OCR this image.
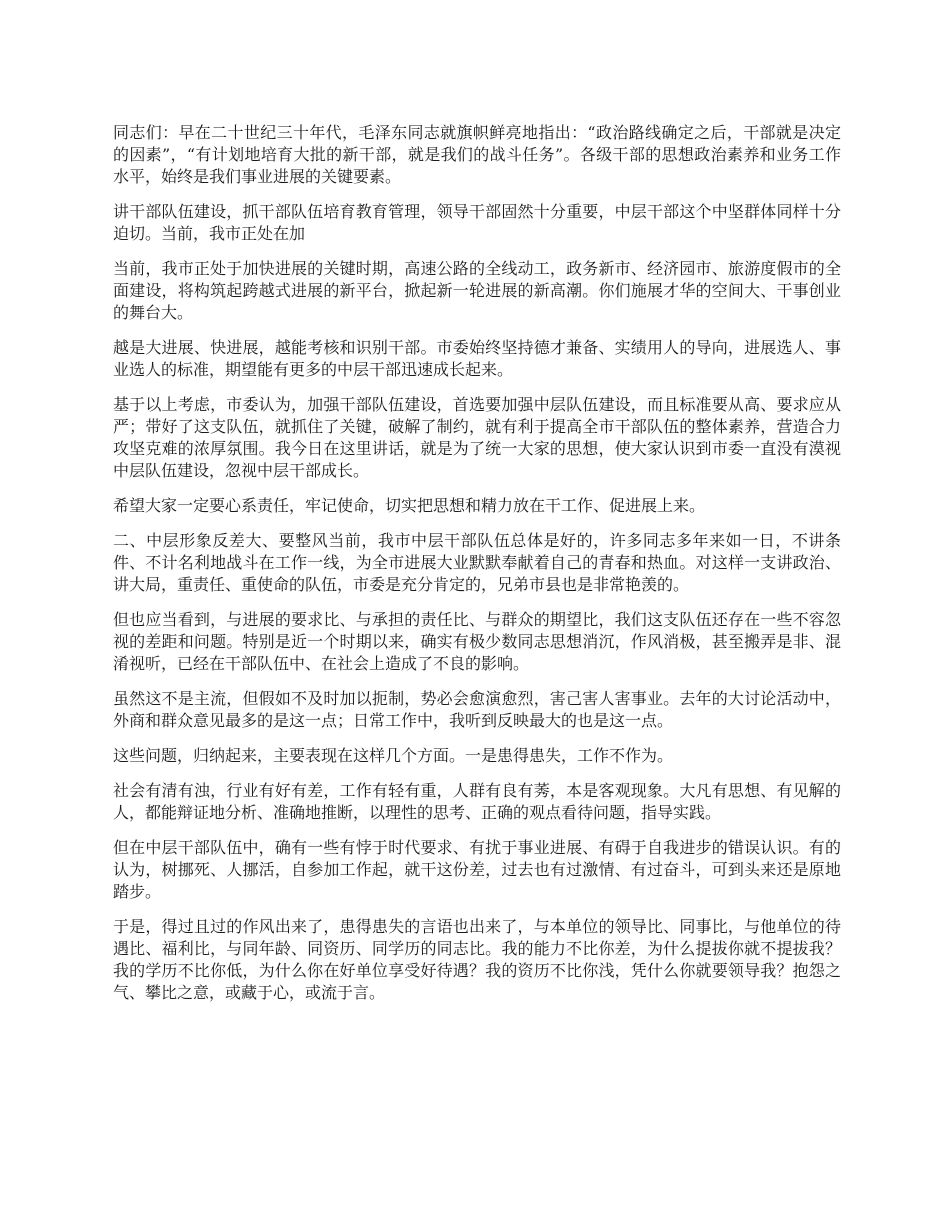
同志们：早在二十世纪三十年代，毛泽东同志就旗帜鲜亮地指出：“政治路线确定之后，干部就是决定的因素”，“有计划地培育大批的新干部，就是我们的战斗任务”。各级干部的思想政治素养和业务工作水平，始终是我们事业进展的关键要素。

讲干部队伍建设，抓干部队伍培育教育管理，领导干部固然十分重要，中层干部这个中坚群体同样十分迫切。当前，我市正处在加

当前，我市正处于加快进展的关键时期，高速公路的全线动工，政务新市、经济园市、旅游度假市的全面建设，将构筑起跨越式进展的新平台，掀起新一轮进展的新高潮。你们施展才华的空间大、干事创业的舞台大。

越是大进展、快进展，越能考核和识别干部。市委始终坚持德才兼备、实绩用人的导向，进展选人、事业选人的标准，期望能有更多的中层干部迅速成长起来。

基于以上考虑，市委认为，加强干部队伍建设，首选要加强中层队伍建设，而且标准要从高、要求应从严；带好了这支队伍，就抓住了关键，破解了制约，就有利于提高全市干部队伍的整体素养，营造合力攻坚克难的浓厚氛围。我今日在这里讲话，就是为了统一大家的思想，使大家认识到市委一直没有漠视中层队伍建设，忽视中层干部成长。

希望大家一定要心系责任，牢记使命，切实把思想和精力放在干工作、促进展上来。

二、中层形象反差大、要整风当前，我市中层干部队伍总体是好的，许多同志多年来如一日，不讲条件、不计名利地战斗在工作一线，为全市进展大业默默奉献着自己的青春和热血。对这样一支讲政治、讲大局，重责任、重使命的队伍，市委是充分肯定的，兄弟市县也是非常艳羡的。

但也应当看到，与进展的要求比、与承担的责任比、与群众的期望比，我们这支队伍还存在一些不容忽视的差距和问题。特别是近一个时期以来，确实有极少数同志思想消沉，作风消极，甚至搬弄是非、混淆视听，已经在干部队伍中、在社会上造成了不良的影响。

虽然这不是主流，但假如不及时加以扼制，势必会愈演愈烈，害己害人害事业。去年的大讨论活动中，外商和群众意见最多的是这一点；日常工作中，我听到反映最大的也是这一点。

这些问题，归纳起来，主要表现在这样几个方面。一是患得患失，工作不作为。

社会有清有浊，行业有好有差，工作有轻有重，人群有良有莠，本是客观现象。大凡有思想、有见解的人，都能辩证地分析、准确地推断，以理性的思考、正确的观点看待问题，指导实践。

但在中层干部队伍中，确有一些有悖于时代要求、有扰于事业进展、有碍于自我进步的错误认识。有的认为，树挪死、人挪活，自参加工作起，就干这份差，过去也有过激情、有过奋斗，可到头来还是原地踏步。

于是，得过且过的作风出来了，患得患失的言语也出来了，与本单位的领导比、同事比，与他单位的待遇比、福利比，与同年龄、同资历、同学历的同志比。我的能力不比你差，为什么提拔你就不提拔我？我的学历不比你低，为什么你在好单位享受好待遇？我的资历不比你浅，凭什么你就要领导我？抱怨之气、攀比之意，或藏于心，或流于言。
